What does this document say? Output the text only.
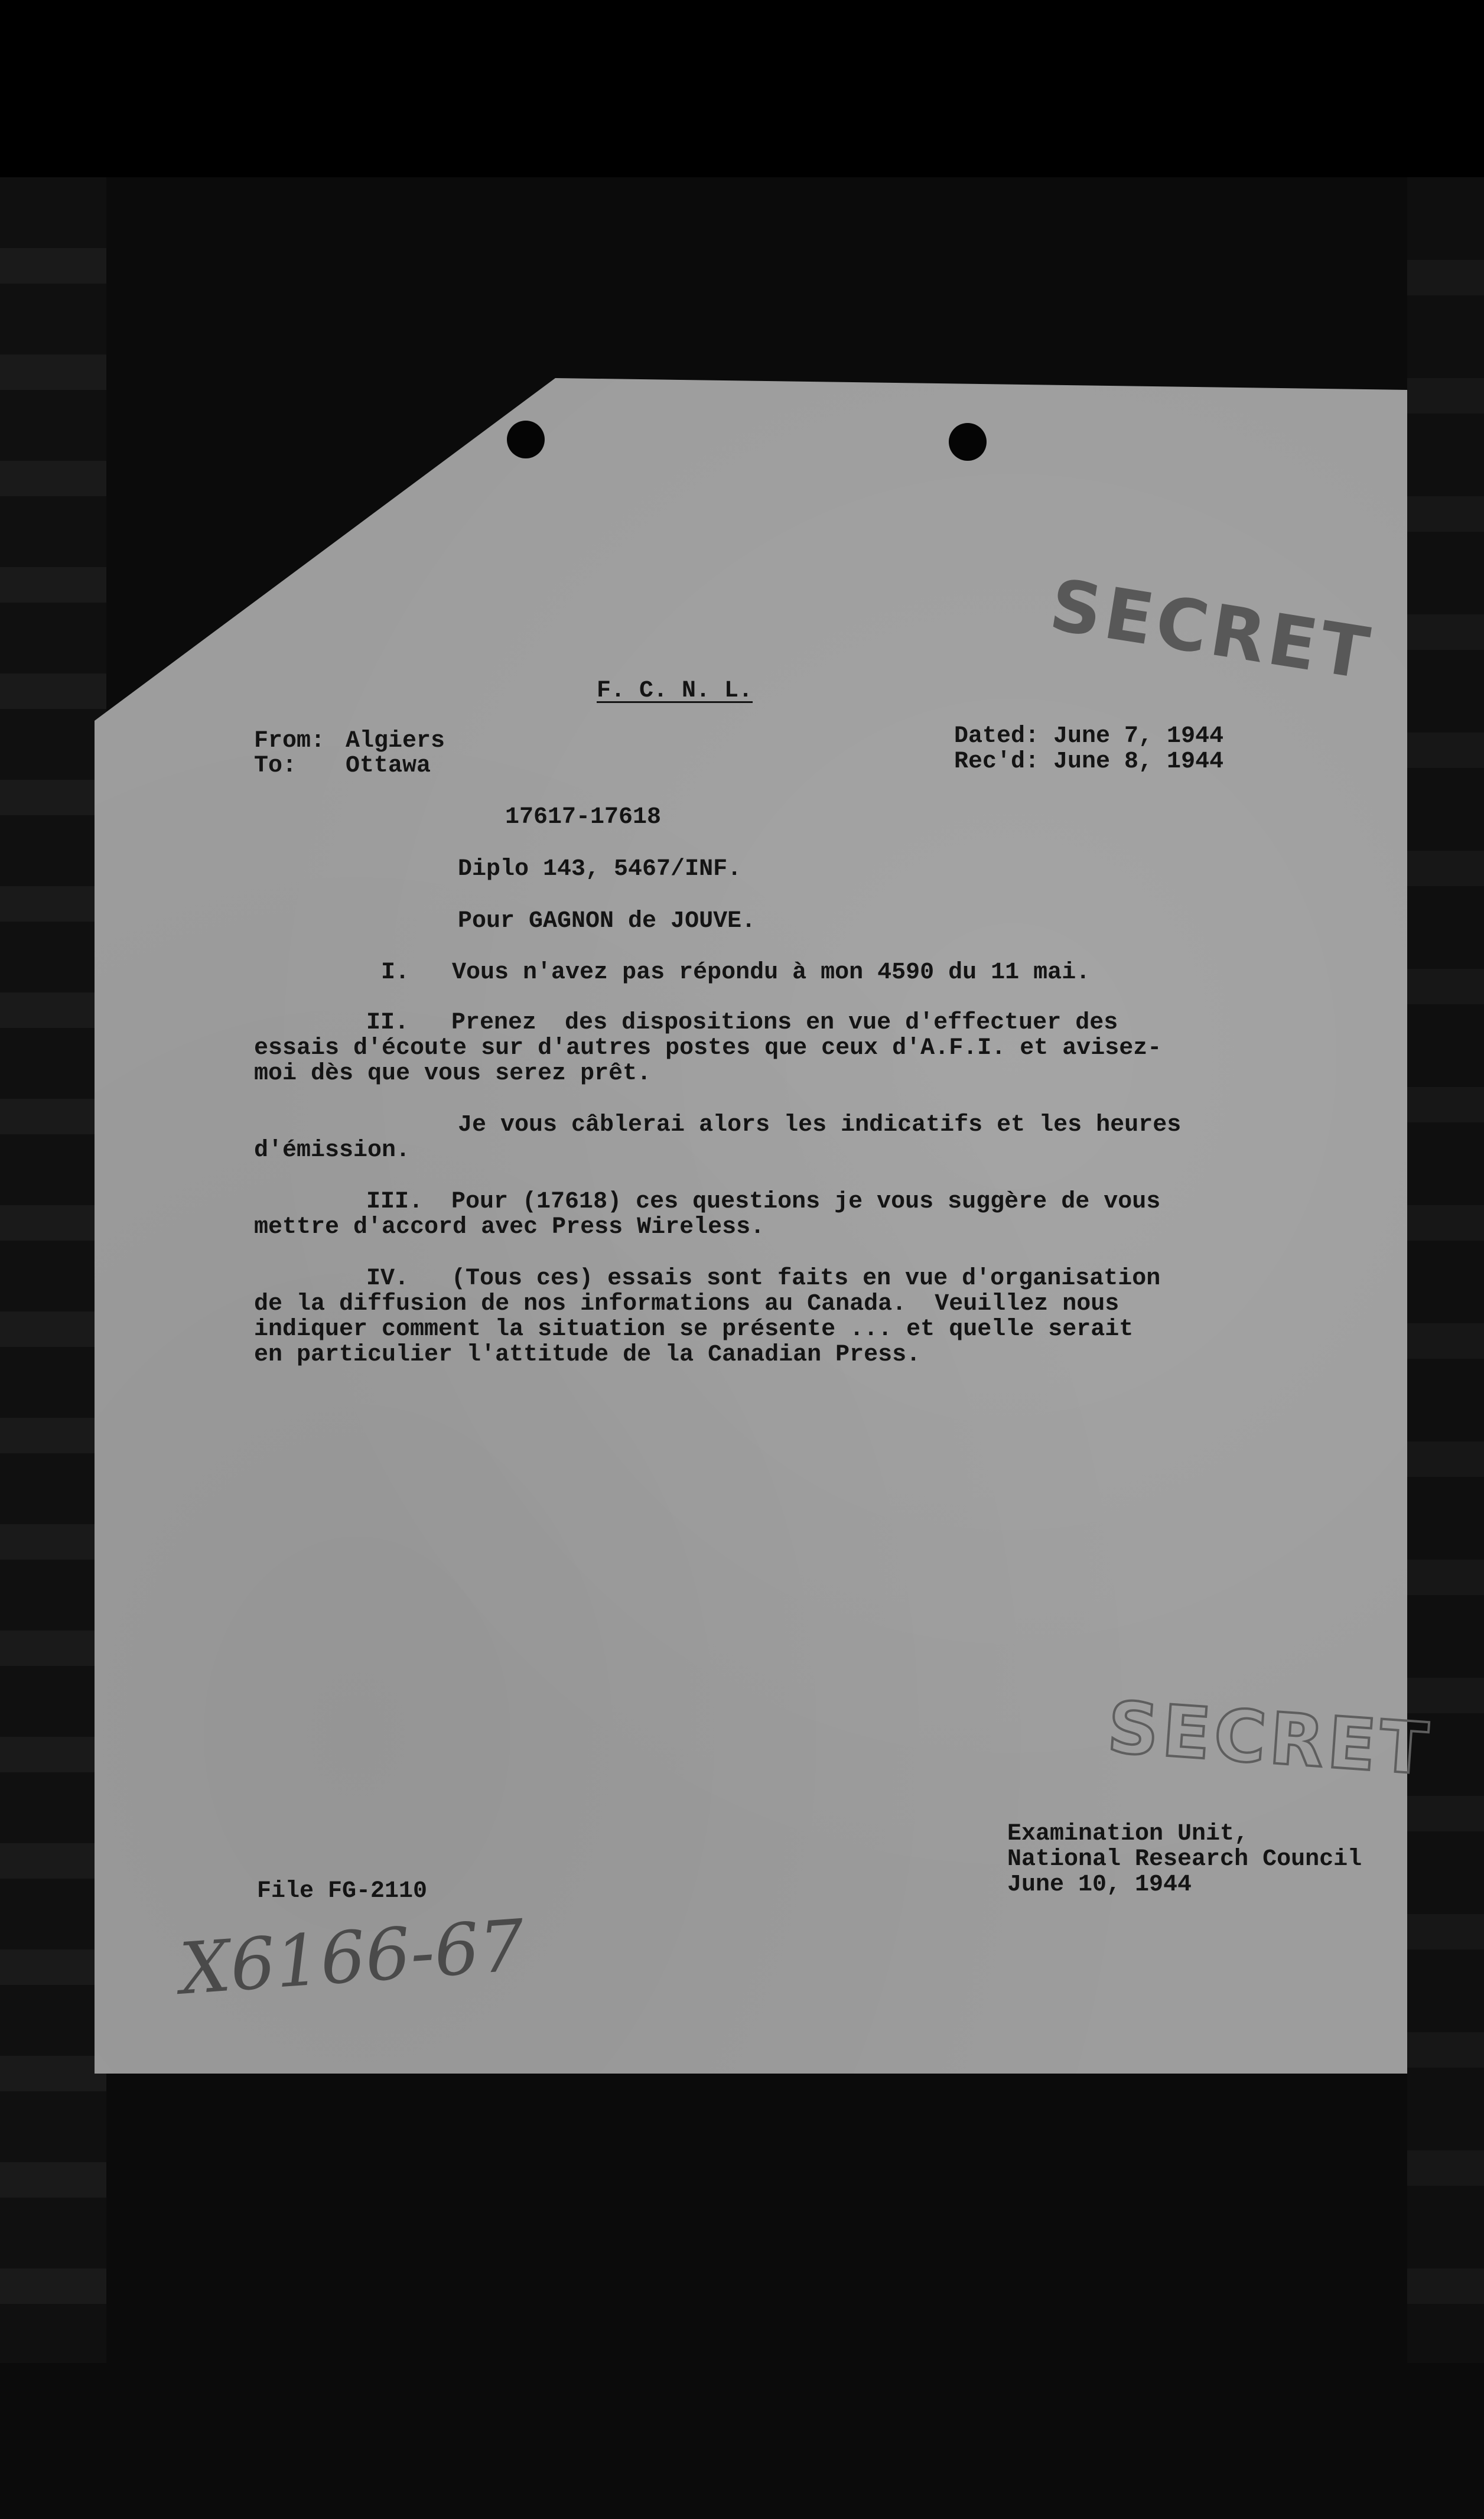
SECRET
SECRET
F. C. N. L.
From: Algiers
To: Ottawa
Dated: June 7, 1944
Rec'd: June 8, 1944
17617-17618
Diplo 143, 5467/INF.
Pour GAGNON de JOUVE.
I.   Vous n'avez pas répondu à mon 4590 du 11 mai.
II.   Prenez  des dispositions en vue d'effectuer des
essais d'écoute sur d'autres postes que ceux d'A.F.I. et avisez-
moi dès que vous serez prêt.
Je vous câblerai alors les indicatifs et les heures
d'émission.
III.  Pour (17618) ces questions je vous suggère de vous
mettre d'accord avec Press Wireless.
IV.   (Tous ces) essais sont faits en vue d'organisation
de la diffusion de nos informations au Canada.  Veuillez nous
indiquer comment la situation se présente ... et quelle serait
en particulier l'attitude de la Canadian Press.
Examination Unit,
National Research Council
June 10, 1944
File FG-2110
X6166-67
